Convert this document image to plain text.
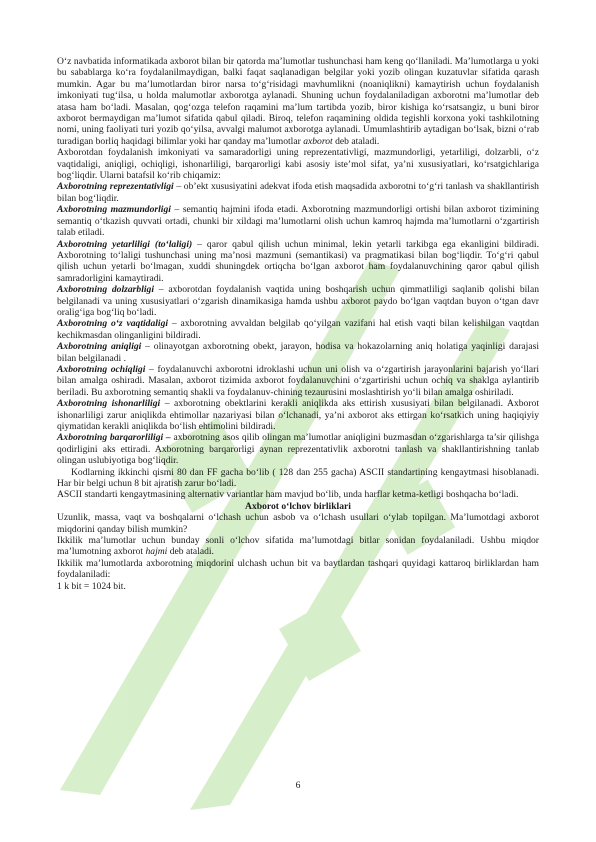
O‘z navbatida informatikada axborot bilan bir qatorda ma’lumotlar tushunchasi ham keng qo‘llaniladi. Ma’lumotlarga u yoki bu sabablarga ko‘ra foydalanilmaydigan, balki faqat saqlanadigan belgilar yoki yozib olingan kuzatuvlar sifatida qarash mumkin. Agar bu ma’lumotlardan biror narsa to‘g‘risidagi mavhumlikni (noaniqlikni) kamaytirish uchun foydalanish imkoniyati tug‘ilsa, u holda malumotlar axborotga aylanadi. Shuning uchun foydalaniladigan axborotni ma’lumotlar deb atasa ham bo‘ladi. Masalan, qog‘ozga telefon raqamini ma’lum tartibda yozib, biror kishiga ko‘rsatsangiz, u buni biror axborot bermaydigan ma’lumot sifatida qabul qiladi. Biroq, telefon raqamining oldida tegishli korxona yoki tashkilotning nomi, uning faoliyati turi yozib qo‘yilsa, avvalgi malumot axborotga aylanadi. Umumlashtirib aytadigan bo‘lsak, bizni o‘rab turadigan borliq haqidagi bilimlar yoki har qanday ma’lumotlar axborot deb ataladi.

Axborotdan foydalanish imkoniyati va samaradorligi uning reprezentativligi, mazmundorligi, yetarliligi, dolzarbli, o‘z vaqtidaligi, aniqligi, ochiqligi, ishonarliligi, barqarorligi kabi asosiy iste’mol sifat, ya’ni xususiyatlari, ko‘rsatgichlariga bog‘liqdir. Ularni batafsil ko‘rib chiqamiz:

Axborotning reprezentativligi – ob’ekt xususiyatini adekvat ifoda etish maqsadida axborotni to‘g‘ri tanlash va shakllantirish bilan bog‘liqdir.

Axborotning mazmundorligi – semantiq hajmini ifoda etadi. Axborotning mazmundorligi ortishi bilan axborot tizimining semantiq o‘tkazish quvvati ortadi, chunki bir xildagi ma’lumotlarni olish uchun kamroq hajmda ma’lumotlarni o‘zgartirish talab etiladi.

Axborotning yetarliligi (to‘laligi) – qaror qabul qilish uchun minimal, lekin yetarli tarkibga ega ekanligini bildiradi. Axborotning to‘laligi tushunchasi uning ma’nosi mazmuni (semantikasi) va pragmatikasi bilan bog‘liqdir. To‘g‘ri qabul qilish uchun yetarli bo‘lmagan, xuddi shuningdek ortiqcha bo‘lgan axborot ham foydalanuvchining qaror qabul qilish samradorligini kamaytiradi.

Axborotning dolzarbligi – axborotdan foydalanish vaqtida uning boshqarish uchun qimmatliligi saqlanib qolishi bilan belgilanadi va uning xususiyatlari o‘zgarish dinamikasiga hamda ushbu axborot paydo bo‘lgan vaqtdan buyon o‘tgan davr oralig‘iga bog‘liq bo‘ladi.

Axborotning o‘z vaqtidaligi – axborotning avvaldan belgilab qo‘yilgan vazifani hal etish vaqti bilan kelishilgan vaqtdan kechikmasdan olinganligini bildiradi.

Axborotning aniqligi – olinayotgan axborotning obekt, jarayon, hodisa va hokazolarning aniq holatiga yaqinligi darajasi bilan belgilanadi .

Axborotning ochiqligi – foydalanuvchi axborotni idroklashi uchun uni olish va o‘zgartirish jarayonlarini bajarish yo‘llari bilan amalga oshiradi. Masalan, axborot tizimida axborot foydalanuvchini o‘zgartirishi uchun ochiq va shaklga aylantirib beriladi. Bu axborotning semantiq shakli va foydalanuv-chining tezaurusini moslashtirish yo‘li bilan amalga oshiriladi.

Axborotning ishonarliligi – axborotning obektlarini kerakli aniqlikda aks ettirish xususiyati bilan belgilanadi. Axborot ishonarliligi zarur aniqlikda ehtimollar nazariyasi bilan o‘lchanadi, ya’ni axborot aks ettirgan ko‘rsatkich uning haqiqiyiy qiymatidan kerakli aniqlikda bo‘lish ehtimolini bildiradi.

Axborotning barqarorliligi – axborotning asos qilib olingan ma’lumotlar aniqligini buzmasdan o‘zgarishlarga ta’sir qilishga qodirligini aks ettiradi. Axborotning barqarorligi aynan reprezentativlik axborotni tanlash va shakllantirishning tanlab olingan uslubiyotiga bog‘liqdir.

Kodlarning ikkinchi qismi 80 dan FF gacha bo‘lib ( 128 dan 255 gacha) ASCII standartining kengaytmasi hisoblanadi. Har bir belgi uchun 8 bit ajratish zarur bo‘ladi.

ASCII standarti kengaytmasining alternativ variantlar ham mavjud bo‘lib, unda harflar ketma-ketligi boshqacha bo‘ladi.

Axborot o‘lchov birliklari

Uzunlik, massa, vaqt va boshqalarni o‘lchash uchun asbob va o‘lchash usullari o‘ylab topilgan. Ma’lumotdagi axborot miqdorini qanday bilish mumkin?

Ikkilik ma’lumotlar uchun bunday sonli o‘lchov sifatida ma’lumotdagi bitlar sonidan foydalaniladi. Ushbu miqdor ma’lumotning axborot hajmi deb ataladi.

Ikkilik ma’lumotlarda axborotning miqdorini ulchash uchun bit va baytlardan tashqari quyidagi kattaroq birliklardan ham foydalaniladi:

1 k bit = 1024 bit.

6
